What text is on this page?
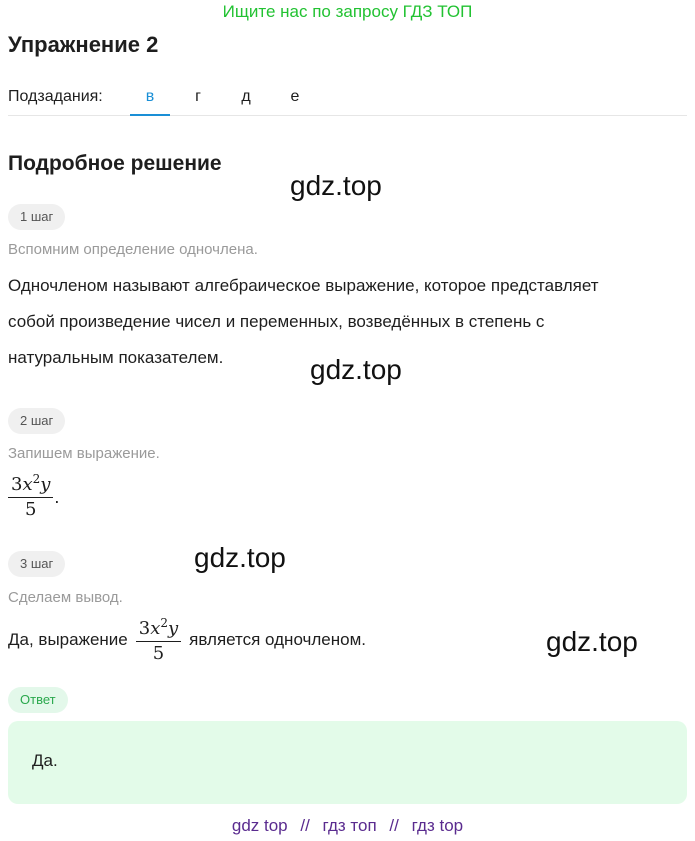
Ищите нас по запросу ГДЗ ТОП
Упражнение 2
Подзадания:	в	г	д	е
Подробное решение
gdz.top
gdz.top
gdz.top
gdz.top
1 шаг
Вспомним определение одночлена.
Одночленом называют алгебраическое выражение, которое представляет
собой произведение чисел и переменных, возведённых в степень с
натуральным показателем.
2 шаг
Запишем выражение.
$\frac{3x^2y}{5}$ .
3 шаг
Сделаем вывод.
Да, выражение $\frac{3x^2y}{5}$ является одночленом.
Ответ
Да.
gdz top // гдз топ // гдз top
